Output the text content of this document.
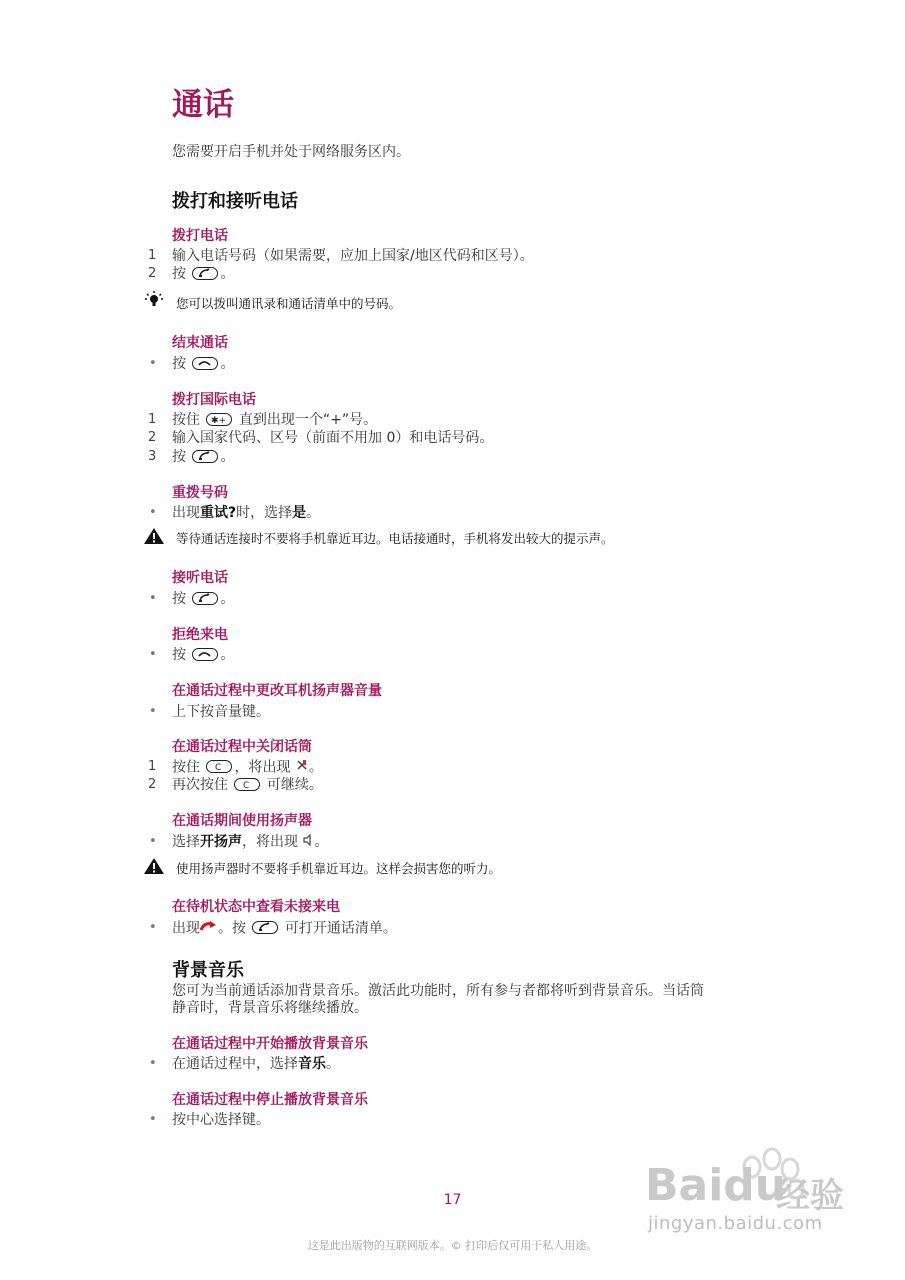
通话
您需要开启手机并处于网络服务区内。
拨打和接听电话
拨打电话
1	输入电话号码（如果需要，应加上国家/地区代码和区号）。
2	按 。
您可以拨叫通讯录和通话清单中的号码。
结束通话
• 按 。
拨打国际电话
1	按住 ✱+ 直到出现一个“+”号。
2	输入国家代码、区号（前面不用加 0）和电话号码。
3	按 。
重拨号码
• 出现重试?时，选择是。
等待通话连接时不要将手机靠近耳边。电话接通时，手机将发出较大的提示声。
接听电话
• 按 。
拒绝来电
• 按 。
在通话过程中更改耳机扬声器音量
• 上下按音量键。
在通话过程中关闭话筒
1	按住 C ，将出现 。
2	再次按住 C 可继续。
在通话期间使用扬声器
• 选择开扬声，将出现 。
使用扬声器时不要将手机靠近耳边。这样会损害您的听力。
在待机状态中查看未接来电
• 出现 。按	可打开通话清单。
背景音乐
您可为当前通话添加背景音乐。激活此功能时，所有参与者都将听到背景音乐。当话筒
静音时，背景音乐将继续播放。
在通话过程中开始播放背景音乐
• 在通话过程中，选择音乐。
在通话过程中停止播放背景音乐
• 按中心选择键。
Baidu
经验
jingyan.baidu.com
17
这是此出版物的互联网版本。© 打印后仅可用于私人用途。
